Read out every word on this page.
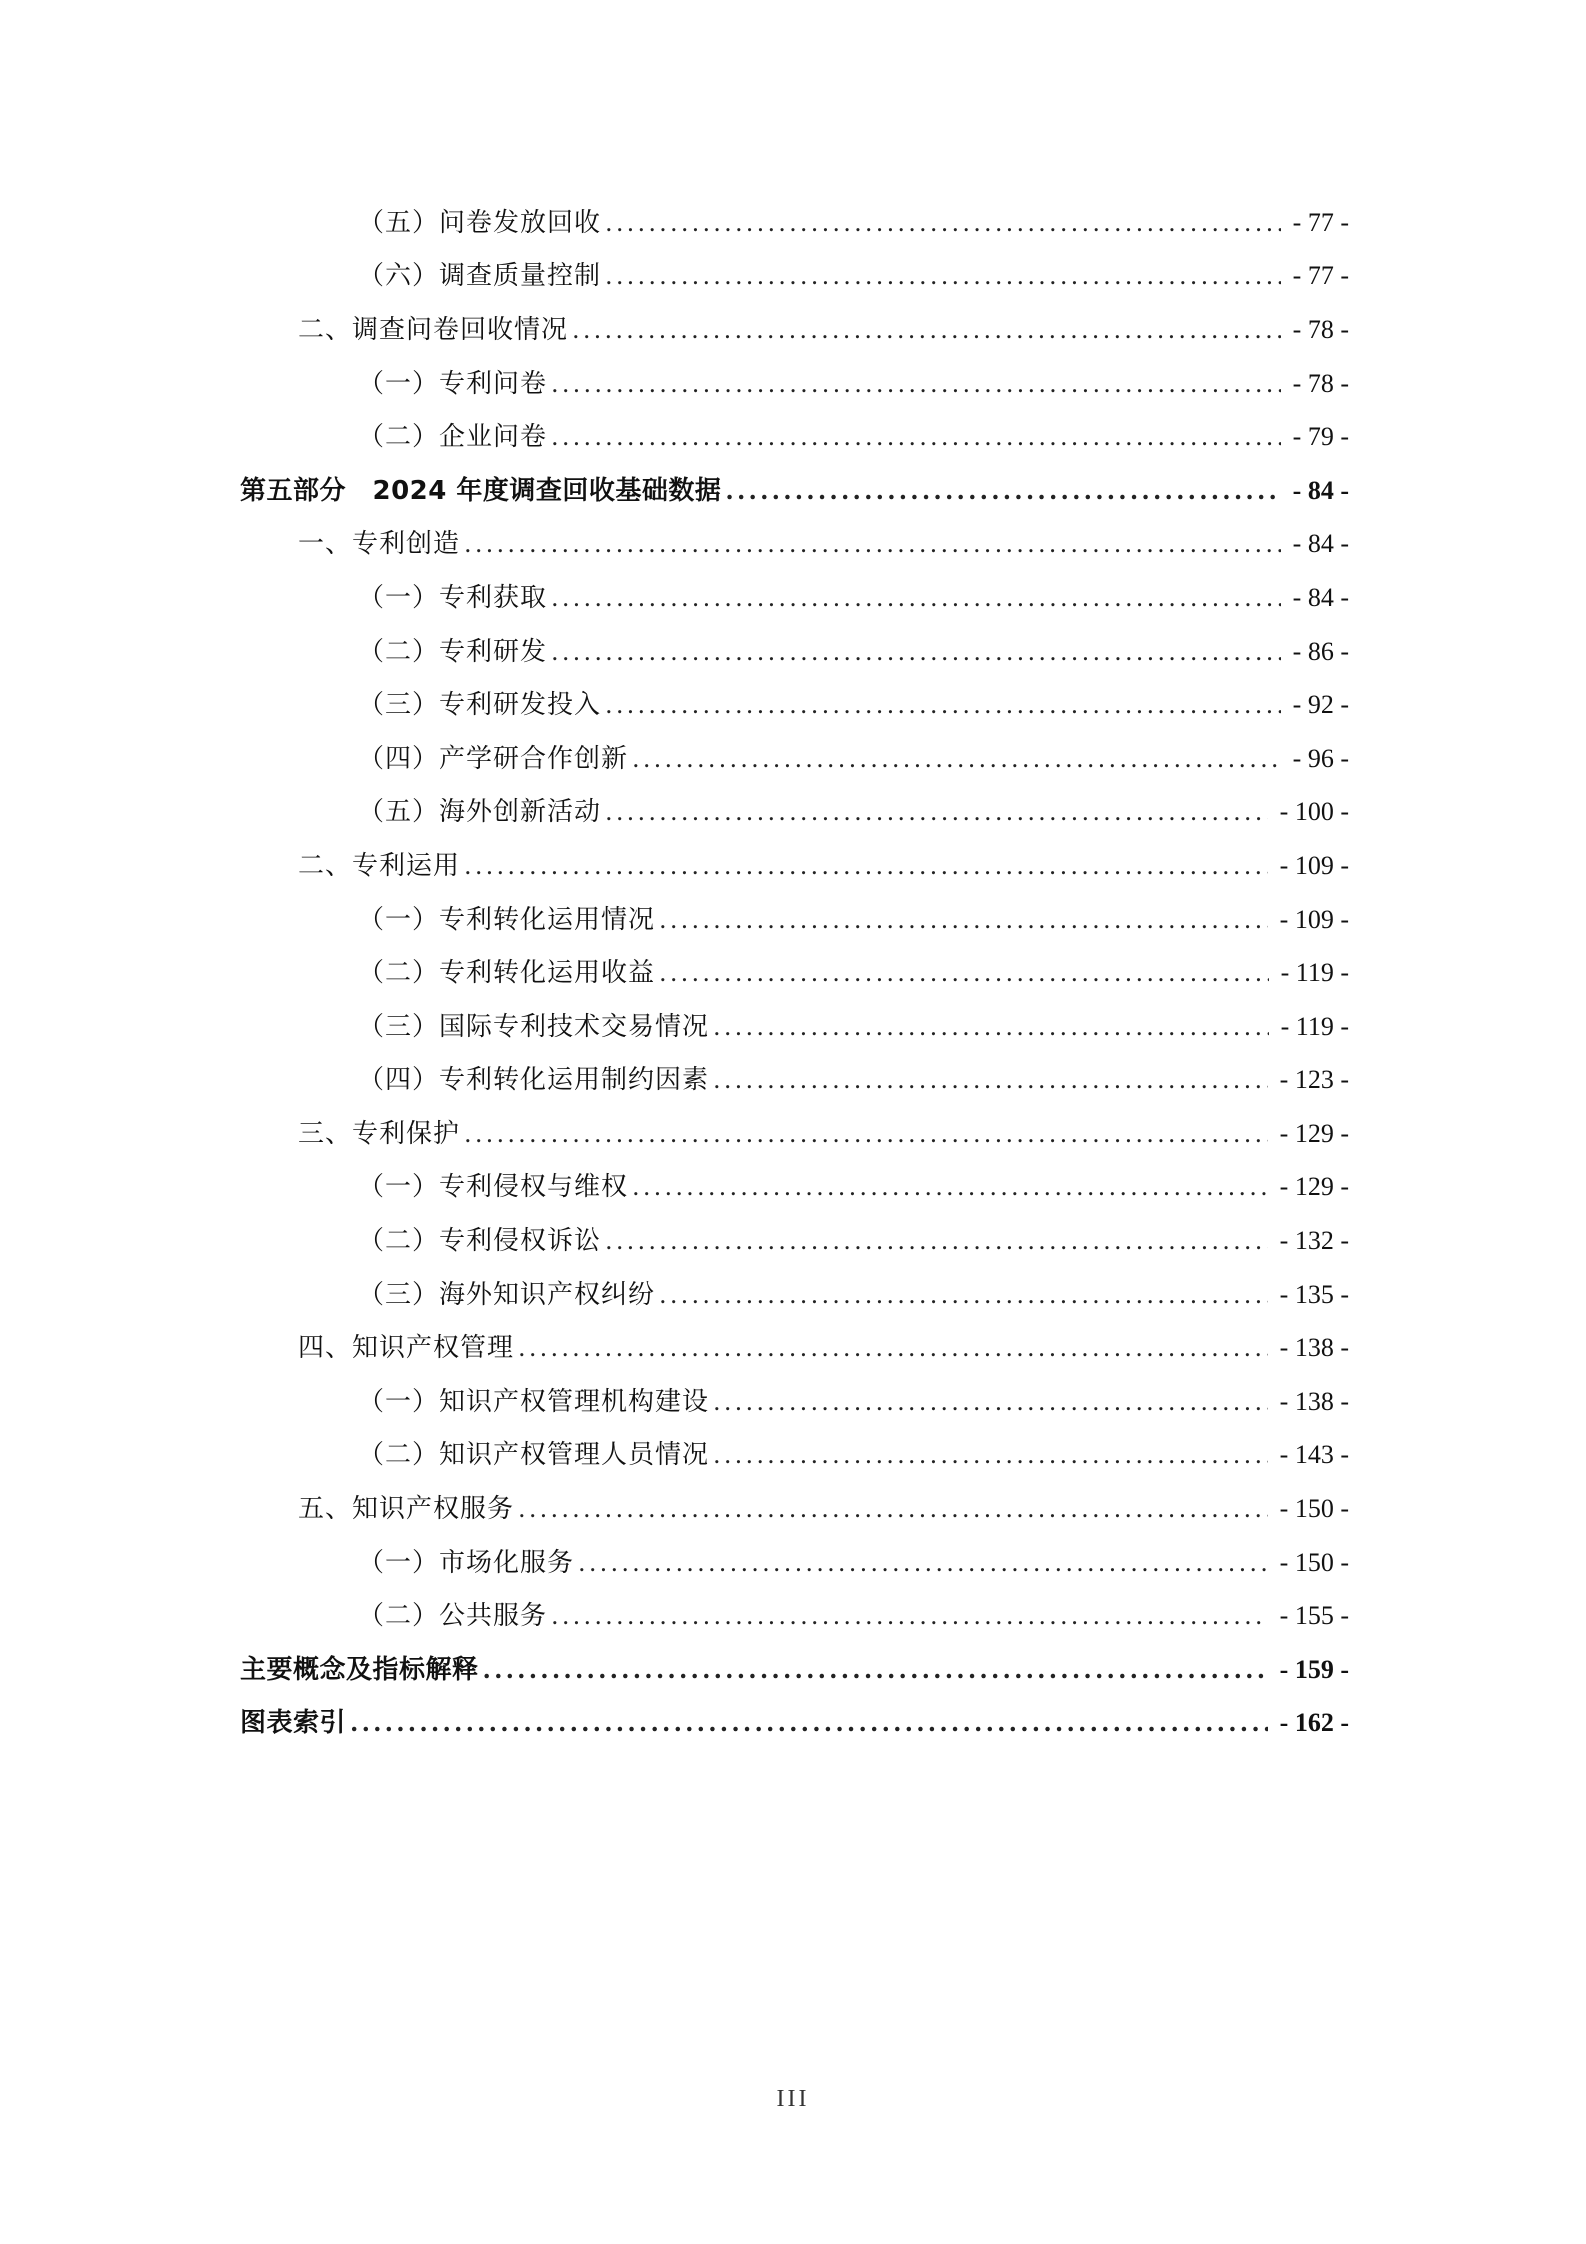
（五）问卷发放回收 .....	- 77 -
（六）调查质量控制 .....	- 77 -
二、调查问卷回收情况 .....	- 78 -
（一）专利问卷 .....	- 78 -
（二）企业问卷 .....	- 79 -
第五部分　2024 年度调查回收基础数据 .....	- 84 -
一、专利创造 .....	- 84 -
（一）专利获取 .....	- 84 -
（二）专利研发 .....	- 86 -
（三）专利研发投入 .....	- 92 -
（四）产学研合作创新 .....	- 96 -
（五）海外创新活动 .....	- 100 -
二、专利运用 .....	- 109 -
（一）专利转化运用情况 .....	- 109 -
（二）专利转化运用收益 .....	- 119 -
（三）国际专利技术交易情况 .....	- 119 -
（四）专利转化运用制约因素 .....	- 123 -
三、专利保护 .....	- 129 -
（一）专利侵权与维权 .....	- 129 -
（二）专利侵权诉讼 .....	- 132 -
（三）海外知识产权纠纷 .....	- 135 -
四、知识产权管理 .....	- 138 -
（一）知识产权管理机构建设 .....	- 138 -
（二）知识产权管理人员情况 .....	- 143 -
五、知识产权服务 .....	- 150 -
（一）市场化服务 .....	- 150 -
（二）公共服务 .....	- 155 -
主要概念及指标解释 .....	- 159 -
图表索引 .....	- 162 -
III
